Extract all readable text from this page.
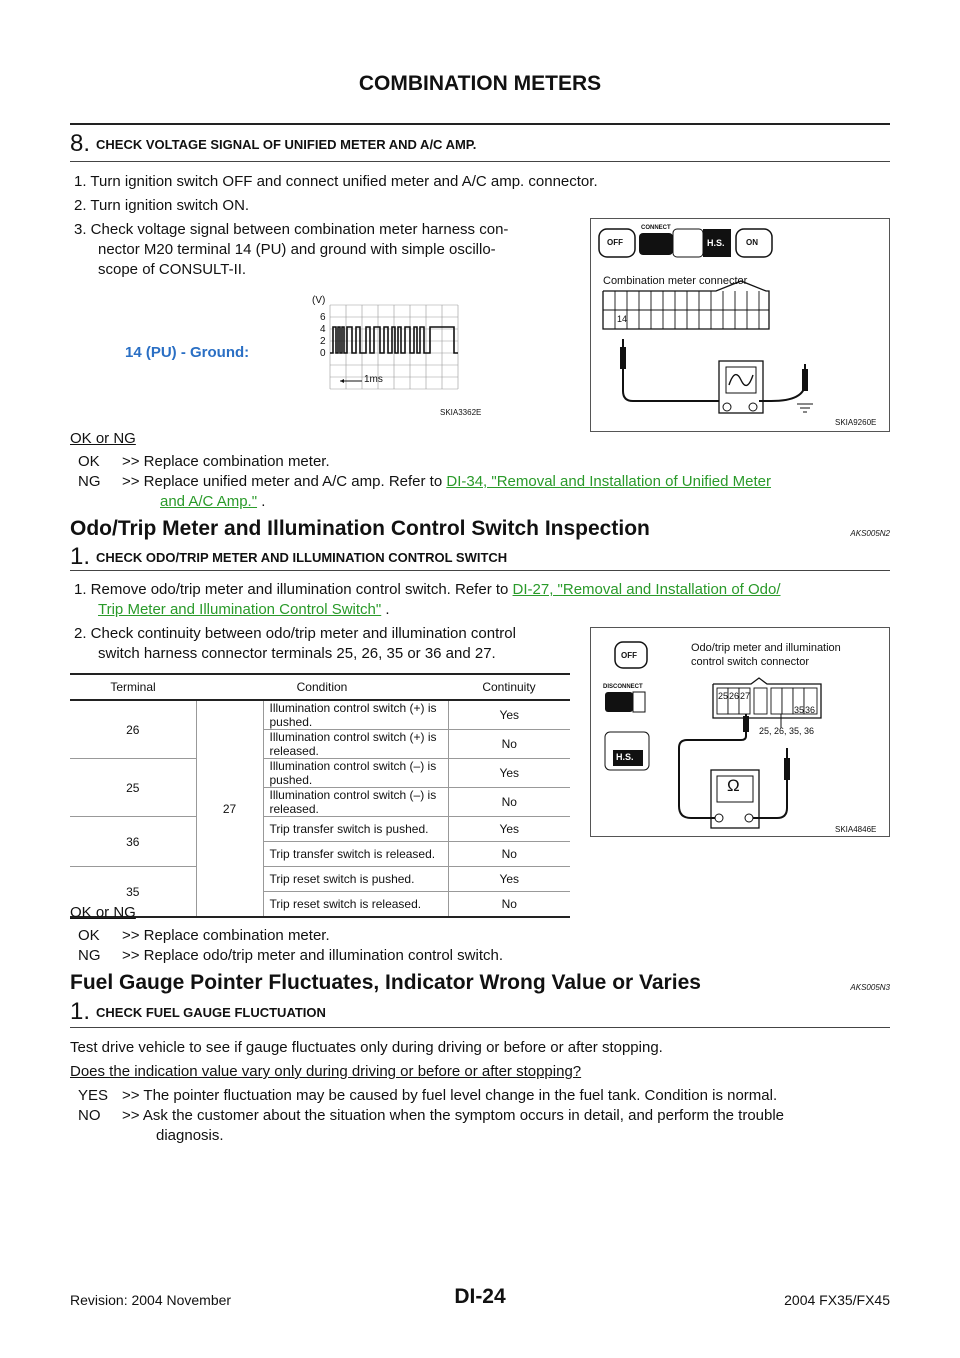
COMBINATION METERS
8. CHECK VOLTAGE SIGNAL OF UNIFIED METER AND A/C AMP.
1. Turn ignition switch OFF and connect unified meter and A/C amp. connector.
2. Turn ignition switch ON.
3. Check voltage signal between combination meter harness con-
nector M20 terminal 14 (PU) and ground with simple oscillo-
scope of CONSULT-II.
14 (PU) - Ground:
(V)
6
4
2
0
1ms
SKIA3362E
CONNECT
OFF	H.S.	ON
Combination meter connector
14
SKIA9260E
OK or NG
OK >> Replace combination meter.
NG >> Replace unified meter and A/C amp. Refer to DI-34, "Removal and Installation of Unified Meter
and A/C Amp." .
Odo/Trip Meter and Illumination Control Switch Inspection	AKS005N2
1. CHECK ODO/TRIP METER AND ILLUMINATION CONTROL SWITCH
1. Remove odo/trip meter and illumination control switch. Refer to DI-27, "Removal and Installation of Odo/
Trip Meter and Illumination Control Switch" .
2. Check continuity between odo/trip meter and illumination control
switch harness connector terminals 25, 26, 35 or 36 and 27.
Terminal	Condition		Continuity
26	27	Illumination control switch (+) is pushed.	Yes
		Illumination control switch (+) is released.	No
25		Illumination control switch (–) is pushed.	Yes
		Illumination control switch (–) is released.	No
36		Trip transfer switch is pushed.	Yes
		Trip transfer switch is released.	No
35		Trip reset switch is pushed.	Yes
		Trip reset switch is released.	No
OFF
DISCONNECT
H.S.
Odo/trip meter and illumination
control switch connector
25 26 27
35 36
25, 26, 35, 36
Ω
SKIA4846E
OK or NG
OK >> Replace combination meter.
NG >> Replace odo/trip meter and illumination control switch.
Fuel Gauge Pointer Fluctuates, Indicator Wrong Value or Varies	AKS005N3
1. CHECK FUEL GAUGE FLUCTUATION
Test drive vehicle to see if gauge fluctuates only during driving or before or after stopping.
Does the indication value vary only during driving or before or after stopping?
YES >> The pointer fluctuation may be caused by fuel level change in the fuel tank. Condition is normal.
NO >> Ask the customer about the situation when the symptom occurs in detail, and perform the trouble
diagnosis.
Revision: 2004 November	DI-24	2004 FX35/FX45
